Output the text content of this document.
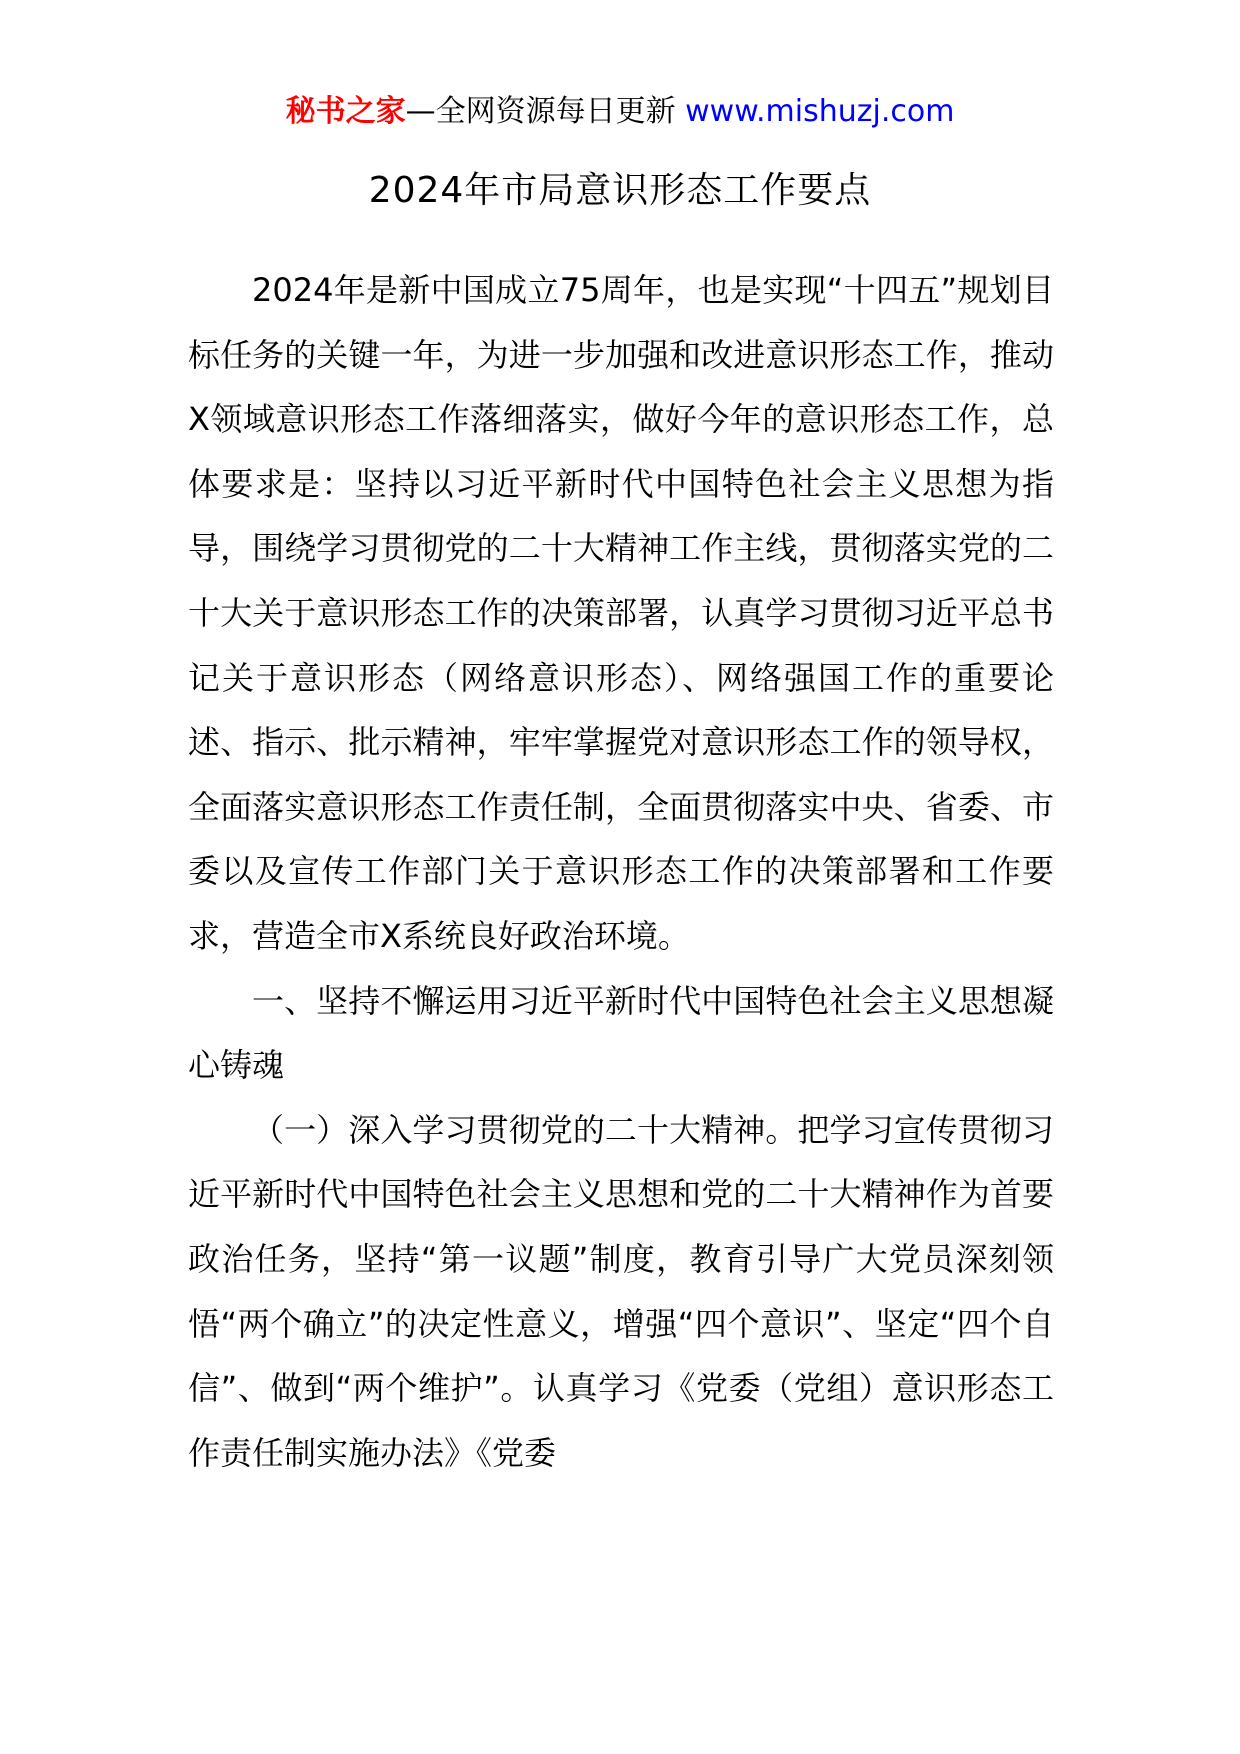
秘书之家—全网资源每日更新 www.mishuzj.com
2024年市局意识形态工作要点

2024年是新中国成立75周年，也是实现“十四五”规划目标任务的关键一年，为进一步加强和改进意识形态工作，推动X领域意识形态工作落细落实，做好今年的意识形态工作，总体要求是：坚持以习近平新时代中国特色社会主义思想为指导，围绕学习贯彻党的二十大精神工作主线，贯彻落实党的二十大关于意识形态工作的决策部署，认真学习贯彻习近平总书记关于意识形态（网络意识形态）、网络强国工作的重要论述、指示、批示精神，牢牢掌握党对意识形态工作的领导权，全面落实意识形态工作责任制，全面贯彻落实中央、省委、市委以及宣传工作部门关于意识形态工作的决策部署和工作要求，营造全市X系统良好政治环境。

一、坚持不懈运用习近平新时代中国特色社会主义思想凝心铸魂

（一）深入学习贯彻党的二十大精神。把学习宣传贯彻习近平新时代中国特色社会主义思想和党的二十大精神作为首要政治任务，坚持“第一议题”制度，教育引导广大党员深刻领悟“两个确立”的决定性意义，增强“四个意识”、坚定“四个自信”、做到“两个维护”。认真学习《党委（党组）意识形态工作责任制实施办法》《党委
